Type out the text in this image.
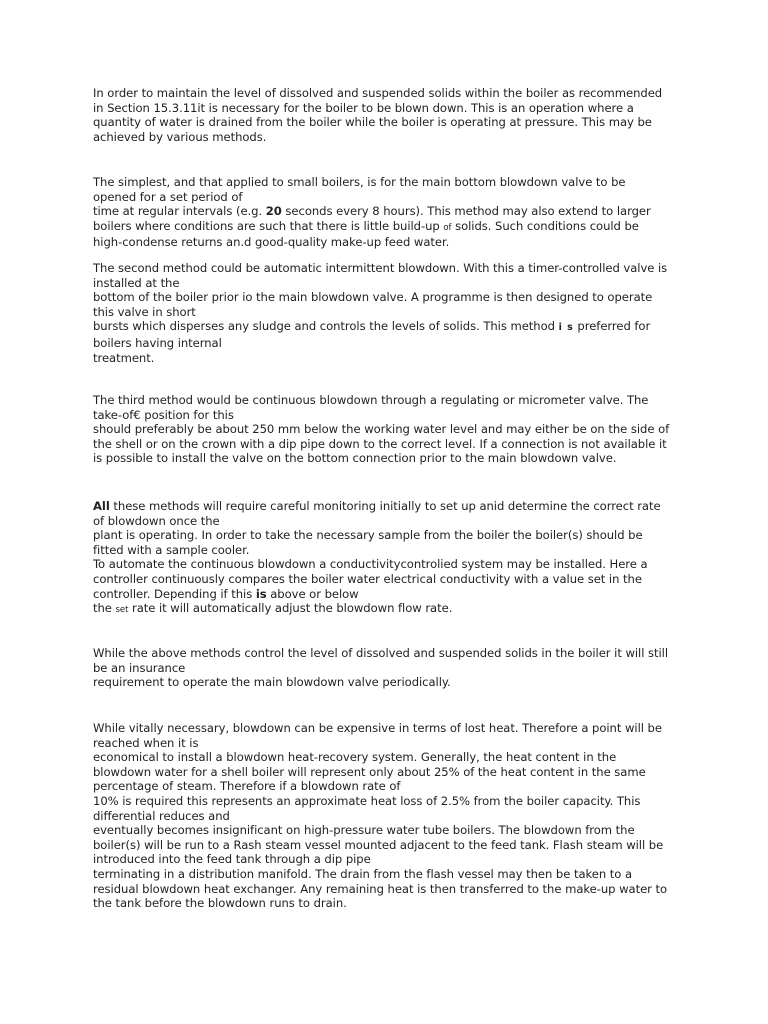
In order to maintain the level of dissolved and suspended solids within the boiler as recommended
in Section 15.3.11it is necessary for the boiler to be blown down. This is an operation where a
quantity of water is drained from the boiler while the boiler is operating at pressure. This may be
achieved by various methods.
The simplest, and that applied to small boilers, is for the main bottom blowdown valve to be
opened for a set period of
time at regular intervals (e.g. 20 seconds every 8 hours). This method may also extend to larger
boilers where conditions are such that there is little build-up of solids. Such conditions could be
high-condense returns an.d good-quality make-up feed water.
The second method could be automatic intermittent blowdown. With this a timer-controlled valve is
installed at the
bottom of the boiler prior io the main blowdown valve. A programme is then designed to operate
this valve in short
bursts which disperses any sludge and controls the levels of solids. This method i s preferred for
boilers having internal
treatment.
The third method would be continuous blowdown through a regulating or micrometer valve. The
take-of€ position for this
should preferably be about 250 mm below the working water level and may either be on the side of
the shell or on the crown with a dip pipe down to the correct level. If a connection is not available it
is possible to install the valve on the bottom connection prior to the main blowdown valve.
All these methods will require careful monitoring initially to set up anid determine the correct rate
of blowdown once the
plant is operating. In order to take the necessary sample from the boiler the boiler(s) should be
fitted with a sample cooler.
To automate the continuous blowdown a conductivitycontrolied system may be installed. Here a
controller continuously compares the boiler water electrical conductivity with a value set in the
controller. Depending if this is above or below
the set rate it will automatically adjust the blowdown flow rate.
While the above methods control the level of dissolved and suspended solids in the boiler it will still
be an insurance
requirement to operate the main blowdown valve periodically.
While vitally necessary, blowdown can be expensive in terms of lost heat. Therefore a point will be
reached when it is
economical to install a blowdown heat-recovery system. Generally, the heat content in the
blowdown water for a shell boiler will represent only about 25% of the heat content in the same
percentage of steam. Therefore if a blowdown rate of
10% is required this represents an approximate heat loss of 2.5% from the boiler capacity. This
differential reduces and
eventually becomes insignificant on high-pressure water tube boilers. The blowdown from the
boiler(s) will be run to a Rash steam vessel mounted adjacent to the feed tank. Flash steam will be
introduced into the feed tank through a dip pipe
terminating in a distribution manifold. The drain from the flash vessel may then be taken to a
residual blowdown heat exchanger. Any remaining heat is then transferred to the make-up water to
the tank before the blowdown runs to drain.
